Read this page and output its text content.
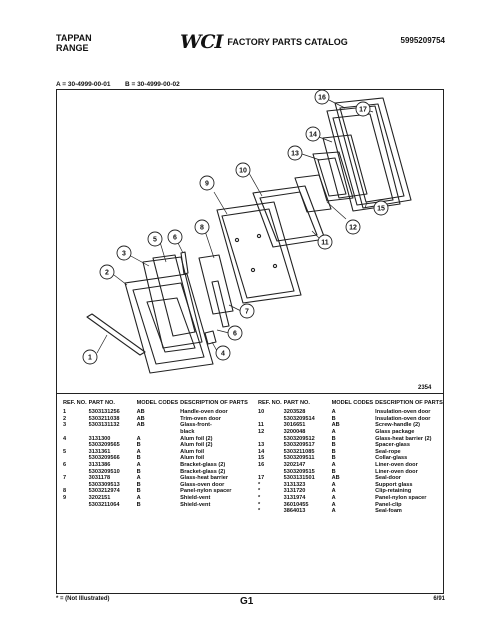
TAPPAN
RANGE	WCI FACTORY PARTS CATALOG	5995209754
A = 30-4999-00-01 B = 30-4999-00-02
1
2
3
4
5 6
6
7
8
9
10
11
12
13
14
15
16
17
2354
REF. NO.	PART NO.	MODEL CODES	DESCRIPTION OF PARTS
1	5303131256	AB	Handle-oven door
2	5303211038	AB	Trim-oven door
3	5303131132	AB	Glass-front-
			black
4	3131300	A	Alum foil (2)
	5303209565	B	Alum foil (2)
5	3131361	A	Alum foil
	5303209566	B	Alum foil
6	3131386	A	Bracket-glass (2)
	5303209510	B	Bracket-glass (2)
7	3031178	A	Glass-heat barrier
	5303309513	B	Glass-oven door
8	5303212974	B	Panel-nylon spacer
9	3202151	A	Shield-vent
	5303211064	B	Shield-vent
REF. NO.	PART NO.	MODEL CODES	DESCRIPTION OF PARTS
10	3203528	A	Insulation-oven door
	5303209514	B	Insulation-oven door
11	3016651	AB	Screw-handle (2)
12	3200048	A	Glass package
	5303209512	B	Glass-heat barrier (2)
13	5303209517	B	Spacer-glass
14	5303211085	B	Seal-rope
15	5303209511	B	Collar-glass
16	3202147	A	Liner-oven door
	5303209515	B	Liner-oven door
17	5303131501	AB	Seal-door
*	3131323	A	Support glass
*	3131720	A	Clip-retaining
*	3131974	A	Panel-nylon spacer
*	36010455	A	Panel-clip
*	3864013	A	Seal-foam
* = (Not Illustrated)	G1	6/91
